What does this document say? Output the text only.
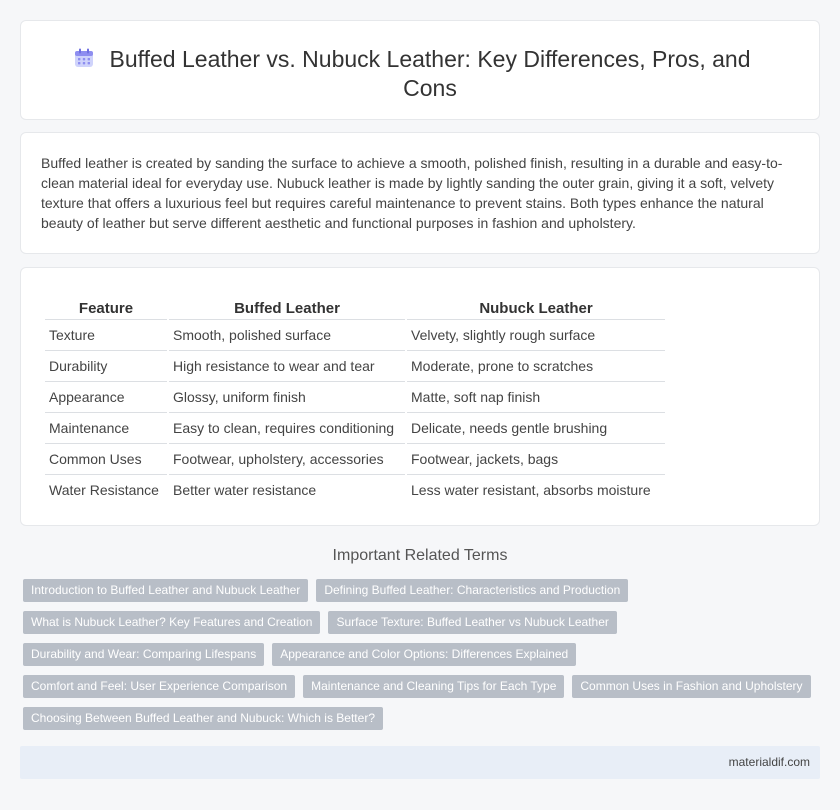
Buffed Leather vs. Nubuck Leather: Key Differences, Pros, and Cons

Buffed leather is created by sanding the surface to achieve a smooth, polished finish, resulting in a durable and easy-to-clean material ideal for everyday use. Nubuck leather is made by lightly sanding the outer grain, giving it a soft, velvety texture that offers a luxurious feel but requires careful maintenance to prevent stains. Both types enhance the natural beauty of leather but serve different aesthetic and functional purposes in fashion and upholstery.

Feature	Buffed Leather	Nubuck Leather
Texture	Smooth, polished surface	Velvety, slightly rough surface
Durability	High resistance to wear and tear	Moderate, prone to scratches
Appearance	Glossy, uniform finish	Matte, soft nap finish
Maintenance	Easy to clean, requires conditioning	Delicate, needs gentle brushing
Common Uses	Footwear, upholstery, accessories	Footwear, jackets, bags
Water Resistance	Better water resistance	Less water resistant, absorbs moisture
Important Related Terms
Introduction to Buffed Leather and Nubuck Leather	Defining Buffed Leather: Characteristics and Production
What is Nubuck Leather? Key Features and Creation	Surface Texture: Buffed Leather vs Nubuck Leather
Durability and Wear: Comparing Lifespans	Appearance and Color Options: Differences Explained
Comfort and Feel: User Experience Comparison	Maintenance and Cleaning Tips for Each Type	Common Uses in Fashion and Upholstery
Choosing Between Buffed Leather and Nubuck: Which is Better?
materialdif.com
